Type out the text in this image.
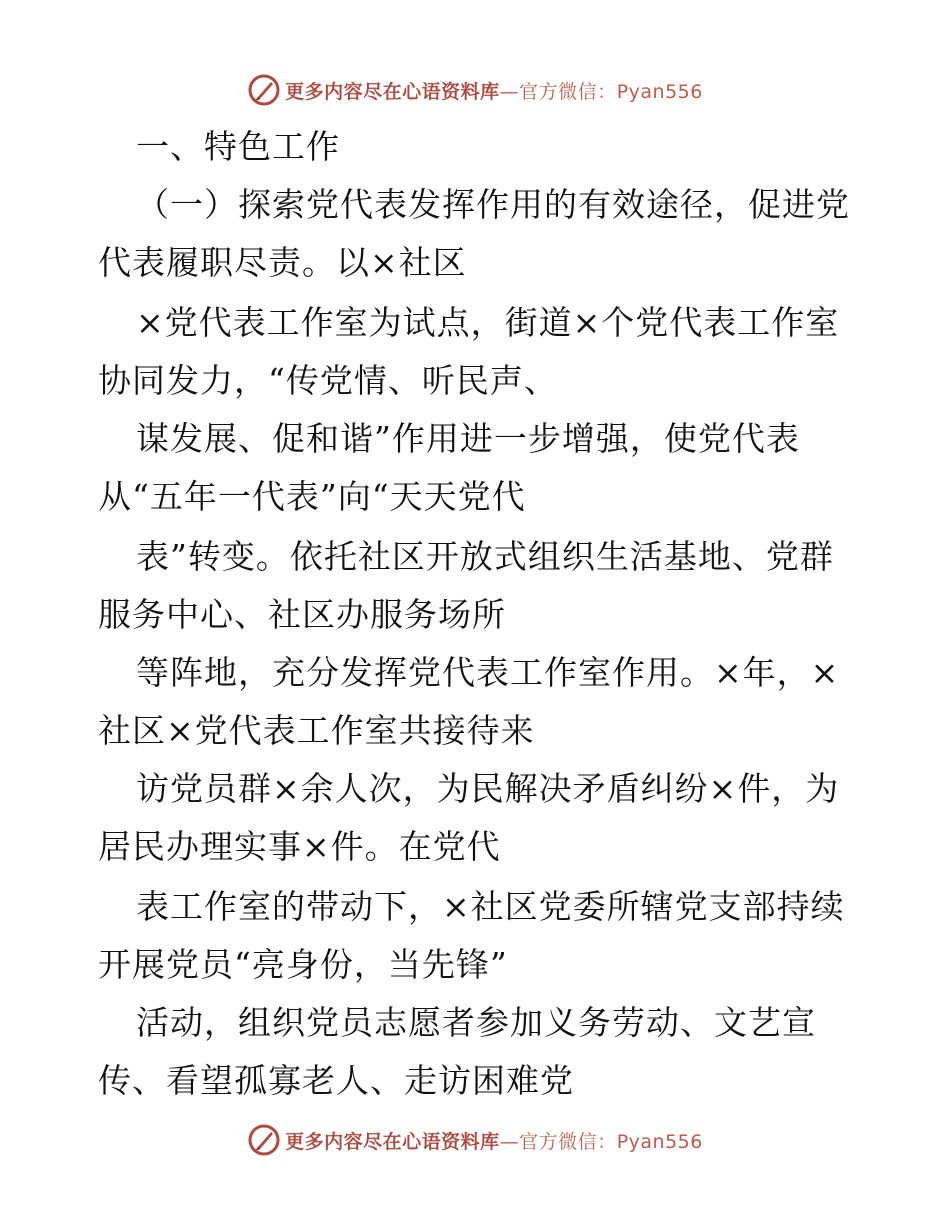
更多内容尽在心语资料库—官方微信：Pyan556
一、特色工作
（一）探索党代表发挥作用的有效途径，促进党
代表履职尽责。以×社区
×党代表工作室为试点，街道×个党代表工作室
协同发力，“传党情、听民声、
谋发展、促和谐”作用进一步增强，使党代表
从“五年一代表”向“天天党代
表”转变。依托社区开放式组织生活基地、党群
服务中心、社区办服务场所
等阵地，充分发挥党代表工作室作用。×年，×
社区×党代表工作室共接待来
访党员群×余人次，为民解决矛盾纠纷×件，为
居民办理实事×件。在党代
表工作室的带动下，×社区党委所辖党支部持续
开展党员“亮身份，当先锋”
活动，组织党员志愿者参加义务劳动、文艺宣
传、看望孤寡老人、走访困难党
更多内容尽在心语资料库—官方微信：Pyan556
